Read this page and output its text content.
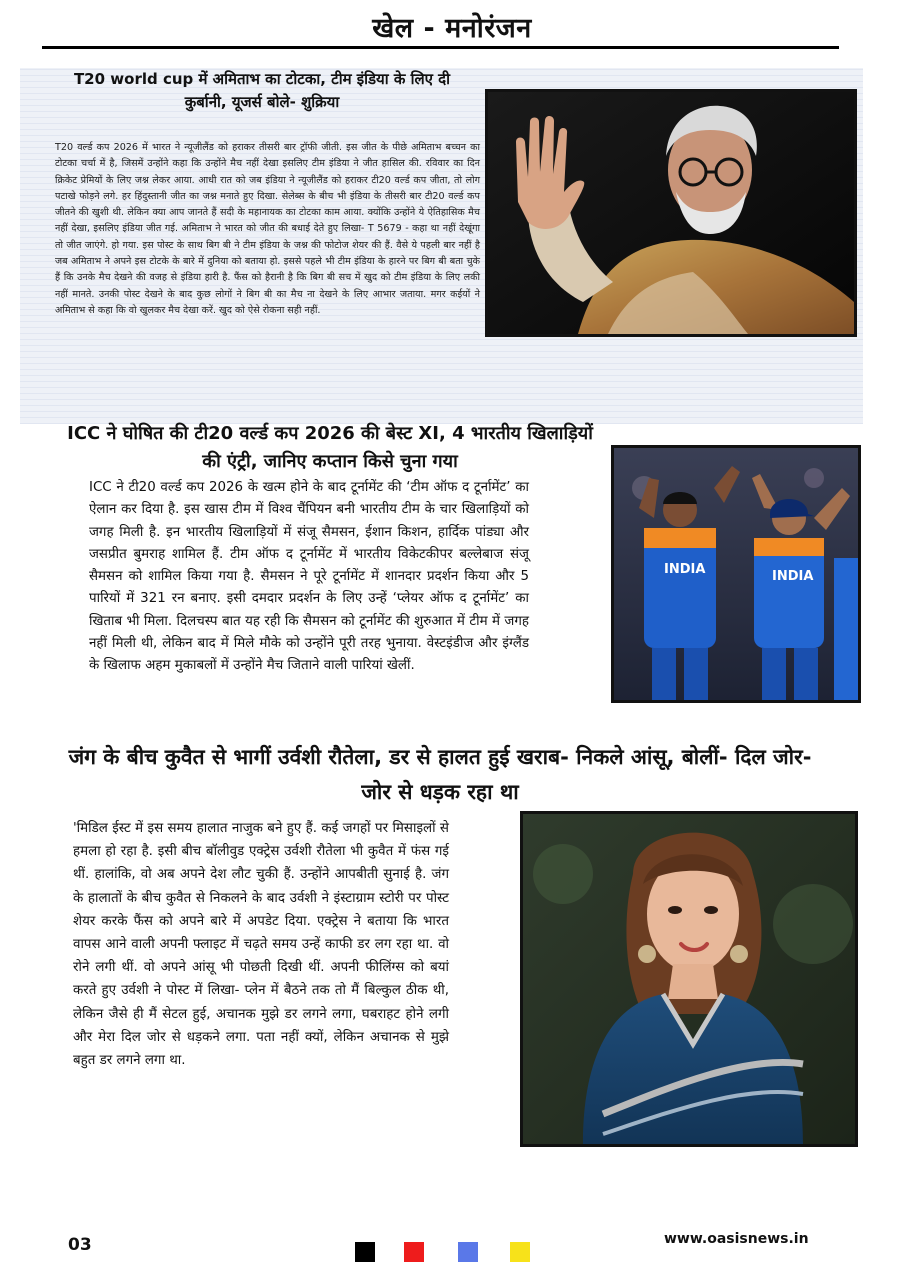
खेल - मनोरंजन
T20 world cup में अमिताभ का टोटका, टीम इंडिया के लिए दी कुर्बानी, यूजर्स बोले- शुक्रिया

T20 वर्ल्ड कप 2026 में भारत ने न्यूजीलैंड को हराकर तीसरी बार ट्रॉफी जीती. इस जीत के पीछे अमिताभ बच्चन का टोटका चर्चा में है, जिसमें उन्होंने कहा कि उन्होंने मैच नहीं देखा इसलिए टीम इंडिया ने जीत हासिल की. रविवार का दिन क्रिकेट प्रेमियों के लिए जश्न लेकर आया. आधी रात को जब इंडिया ने न्यूजीलैंड को हराकर टी20 वर्ल्ड कप जीता, तो लोग पटाखे फोड़ने लगे. हर हिंदुस्तानी जीत का जश्न मनाते हुए दिखा. सेलेब्स के बीच भी इंडिया के तीसरी बार टी20 वर्ल्ड कप जीतने की खुशी थी. लेकिन क्या आप जानते हैं सदी के महानायक का टोटका काम आया. क्योंकि उन्होंने ये ऐतिहासिक मैच नहीं देखा, इसलिए इंडिया जीत गई. अमिताभ ने भारत को जीत की बधाई देते हुए लिखा- T 5679 - कहा था नहीं देखूंगा तो जीत जाएंगे. हो गया. इस पोस्ट के साथ बिग बी ने टीम इंडिया के जश्न की फोटोज शेयर की हैं. वैसे ये पहली बार नहीं है जब अमिताभ ने अपने इस टोटके के बारे में दुनिया को बताया हो. इससे पहले भी टीम इंडिया के हारने पर बिग बी बता चुके हैं कि उनके मैच देखने की वजह से इंडिया हारी है. फैंस को हैरानी है कि बिग बी सच में खुद को टीम इंडिया के लिए लकी नहीं मानते. उनकी पोस्ट देखने के बाद कुछ लोगों ने बिग बी का मैच ना देखने के लिए आभार जताया. मगर कईयों ने अमिताभ से कहा कि वो खुलकर मैच देखा करें. खुद को ऐसे रोकना सही नहीं.

ICC ने घोषित की टी20 वर्ल्ड कप 2026 की बेस्ट XI, 4 भारतीय खिलाड़ियों की एंट्री, जानिए कप्तान किसे चुना गया

ICC ने टी20 वर्ल्ड कप 2026 के खत्म होने के बाद टूर्नामेंट की ‘टीम ऑफ द टूर्नामेंट’ का ऐलान कर दिया है. इस खास टीम में विश्व चैंपियन बनी भारतीय टीम के चार खिलाड़ियों को जगह मिली है. इन भारतीय खिलाड़ियों में संजू सैमसन, ईशान किशन, हार्दिक पांड्या और जसप्रीत बुमराह शामिल हैं. टीम ऑफ द टूर्नामेंट में भारतीय विकेटकीपर बल्लेबाज संजू सैमसन को शामिल किया गया है. सैमसन ने पूरे टूर्नामेंट में शानदार प्रदर्शन किया और 5 पारियों में 321 रन बनाए. इसी दमदार प्रदर्शन के लिए उन्हें ‘प्लेयर ऑफ द टूर्नामेंट’ का खिताब भी मिला. दिलचस्प बात यह रही कि सैमसन को टूर्नामेंट की शुरुआत में टीम में जगह नहीं मिली थी, लेकिन बाद में मिले मौके को उन्होंने पूरी तरह भुनाया. वेस्टइंडीज और इंग्लैंड के खिलाफ अहम मुकाबलों में उन्होंने मैच जिताने वाली पारियां खेलीं.

INDIA	INDIA
जंग के बीच कुवैत से भागीं उर्वशी रौतेला, डर से हालत हुई खराब- निकले आंसू, बोलीं- दिल जोर-जोर से धड़क रहा था

'मिडिल ईस्ट में इस समय हालात नाजुक बने हुए हैं. कई जगहों पर मिसाइलों से हमला हो रहा है. इसी बीच बॉलीवुड एक्ट्रेस उर्वशी रौतेला भी कुवैत में फंस गई थीं. हालांकि, वो अब अपने देश लौट चुकी हैं. उन्होंने आपबीती सुनाई है. जंग के हालातों के बीच कुवैत से निकलने के बाद उर्वशी ने इंस्टाग्राम स्टोरी पर पोस्ट शेयर करके फैंस को अपने बारे में अपडेट दिया. एक्ट्रेस ने बताया कि भारत वापस आने वाली अपनी फ्लाइट में चढ़ते समय उन्हें काफी डर लग रहा था. वो रोने लगी थीं. वो अपने आंसू भी पोछती दिखी थीं. अपनी फीलिंग्स को बयां करते हुए उर्वशी ने पोस्ट में लिखा- प्लेन में बैठने तक तो मैं बिल्कुल ठीक थी, लेकिन जैसे ही मैं सेटल हुई, अचानक मुझे डर लगने लगा, घबराहट होने लगी और मेरा दिल जोर से धड़कने लगा. पता नहीं क्यों, लेकिन अचानक से मुझे बहुत डर लगने लगा था.

03	www.oasisnews.in
